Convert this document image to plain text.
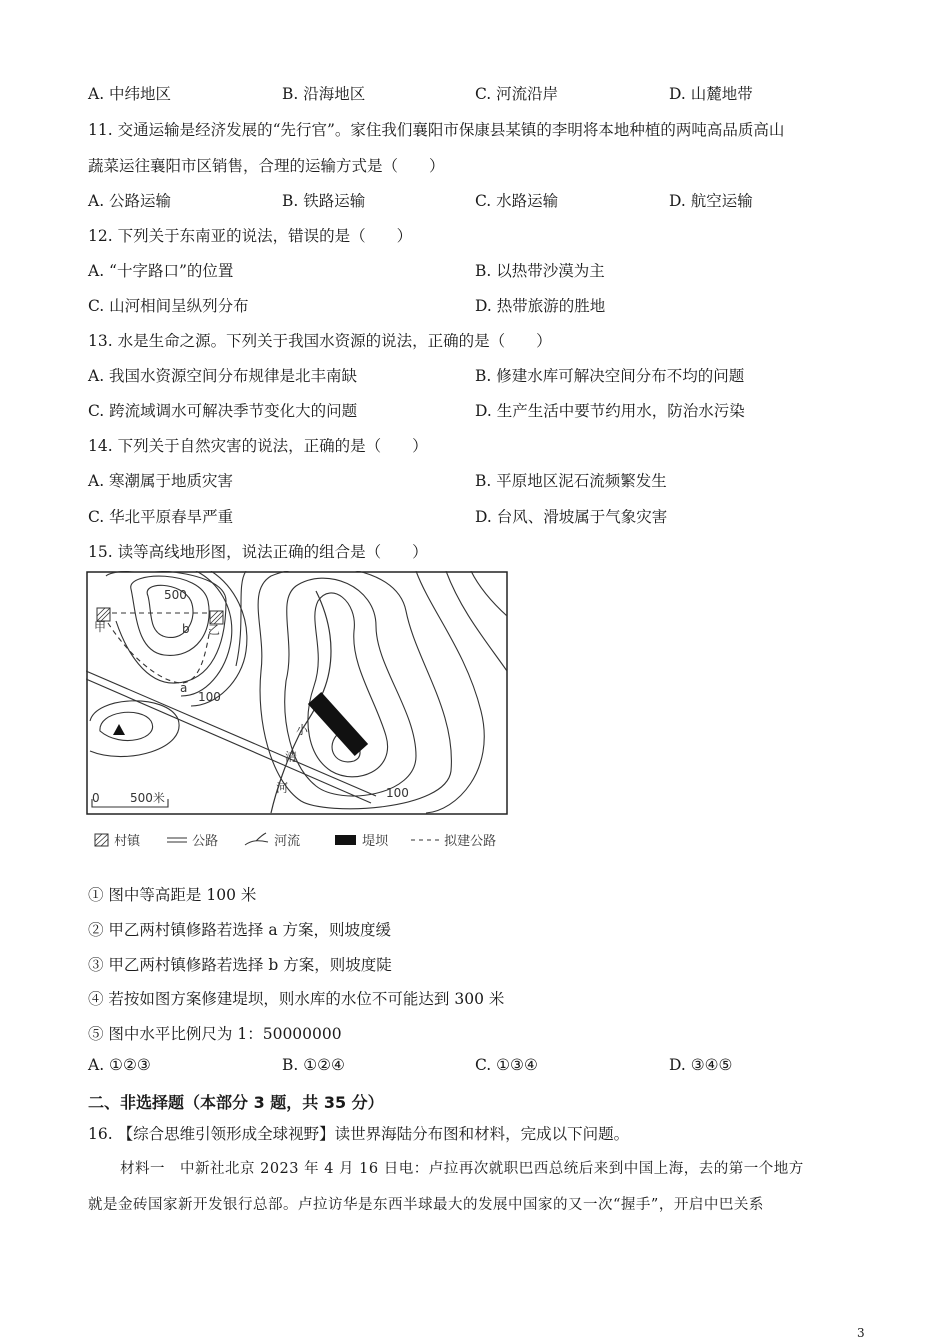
A. 中纬地区	B. 沿海地区	C. 河流沿岸	D. 山麓地带
11. 交通运输是经济发展的“先行官”。家住我们襄阳市保康县某镇的李明将本地种植的两吨高品质高山
蔬菜运往襄阳市区销售，合理的运输方式是（　　）
A. 公路运输	B. 铁路运输	C. 水路运输	D. 航空运输
12. 下列关于东南亚的说法，错误的是（　　）
A. “十字路口”的位置	B. 以热带沙漠为主
C. 山河相间呈纵列分布	D. 热带旅游的胜地
13. 水是生命之源。下列关于我国水资源的说法，正确的是（　　）
A. 我国水资源空间分布规律是北丰南缺	B. 修建水库可解决空间分布不均的问题
C. 跨流域调水可解决季节变化大的问题	D. 生产生活中要节约用水，防治水污染
14. 下列关于自然灾害的说法，正确的是（　　）
A. 寒潮属于地质灾害	B. 平原地区泥石流频繁发生
C. 华北平原春旱严重	D. 台风、滑坡属于气象灾害
15. 读等高线地形图，说法正确的组合是（　　）
500
100
100
甲	乙
a
b
小
清
河
0	500米
村镇	公路	河流	堤坝	拟建公路
① 图中等高距是 100 米
② 甲乙两村镇修路若选择 a 方案，则坡度缓
③ 甲乙两村镇修路若选择 b 方案，则坡度陡
④ 若按如图方案修建堤坝，则水库的水位不可能达到 300 米
⑤ 图中水平比例尺为 1：50000000
A. ①②③	B. ①②④	C. ①③④	D. ③④⑤
二、非选择题（本部分 3 题，共 35 分）
16. 【综合思维引领形成全球视野】读世界海陆分布图和材料，完成以下问题。
材料一　中新社北京 2023 年 4 月 16 日电：卢拉再次就职巴西总统后来到中国上海，去的第一个地方
就是金砖国家新开发银行总部。卢拉访华是东西半球最大的发展中国家的又一次“握手”，开启中巴关系
3
